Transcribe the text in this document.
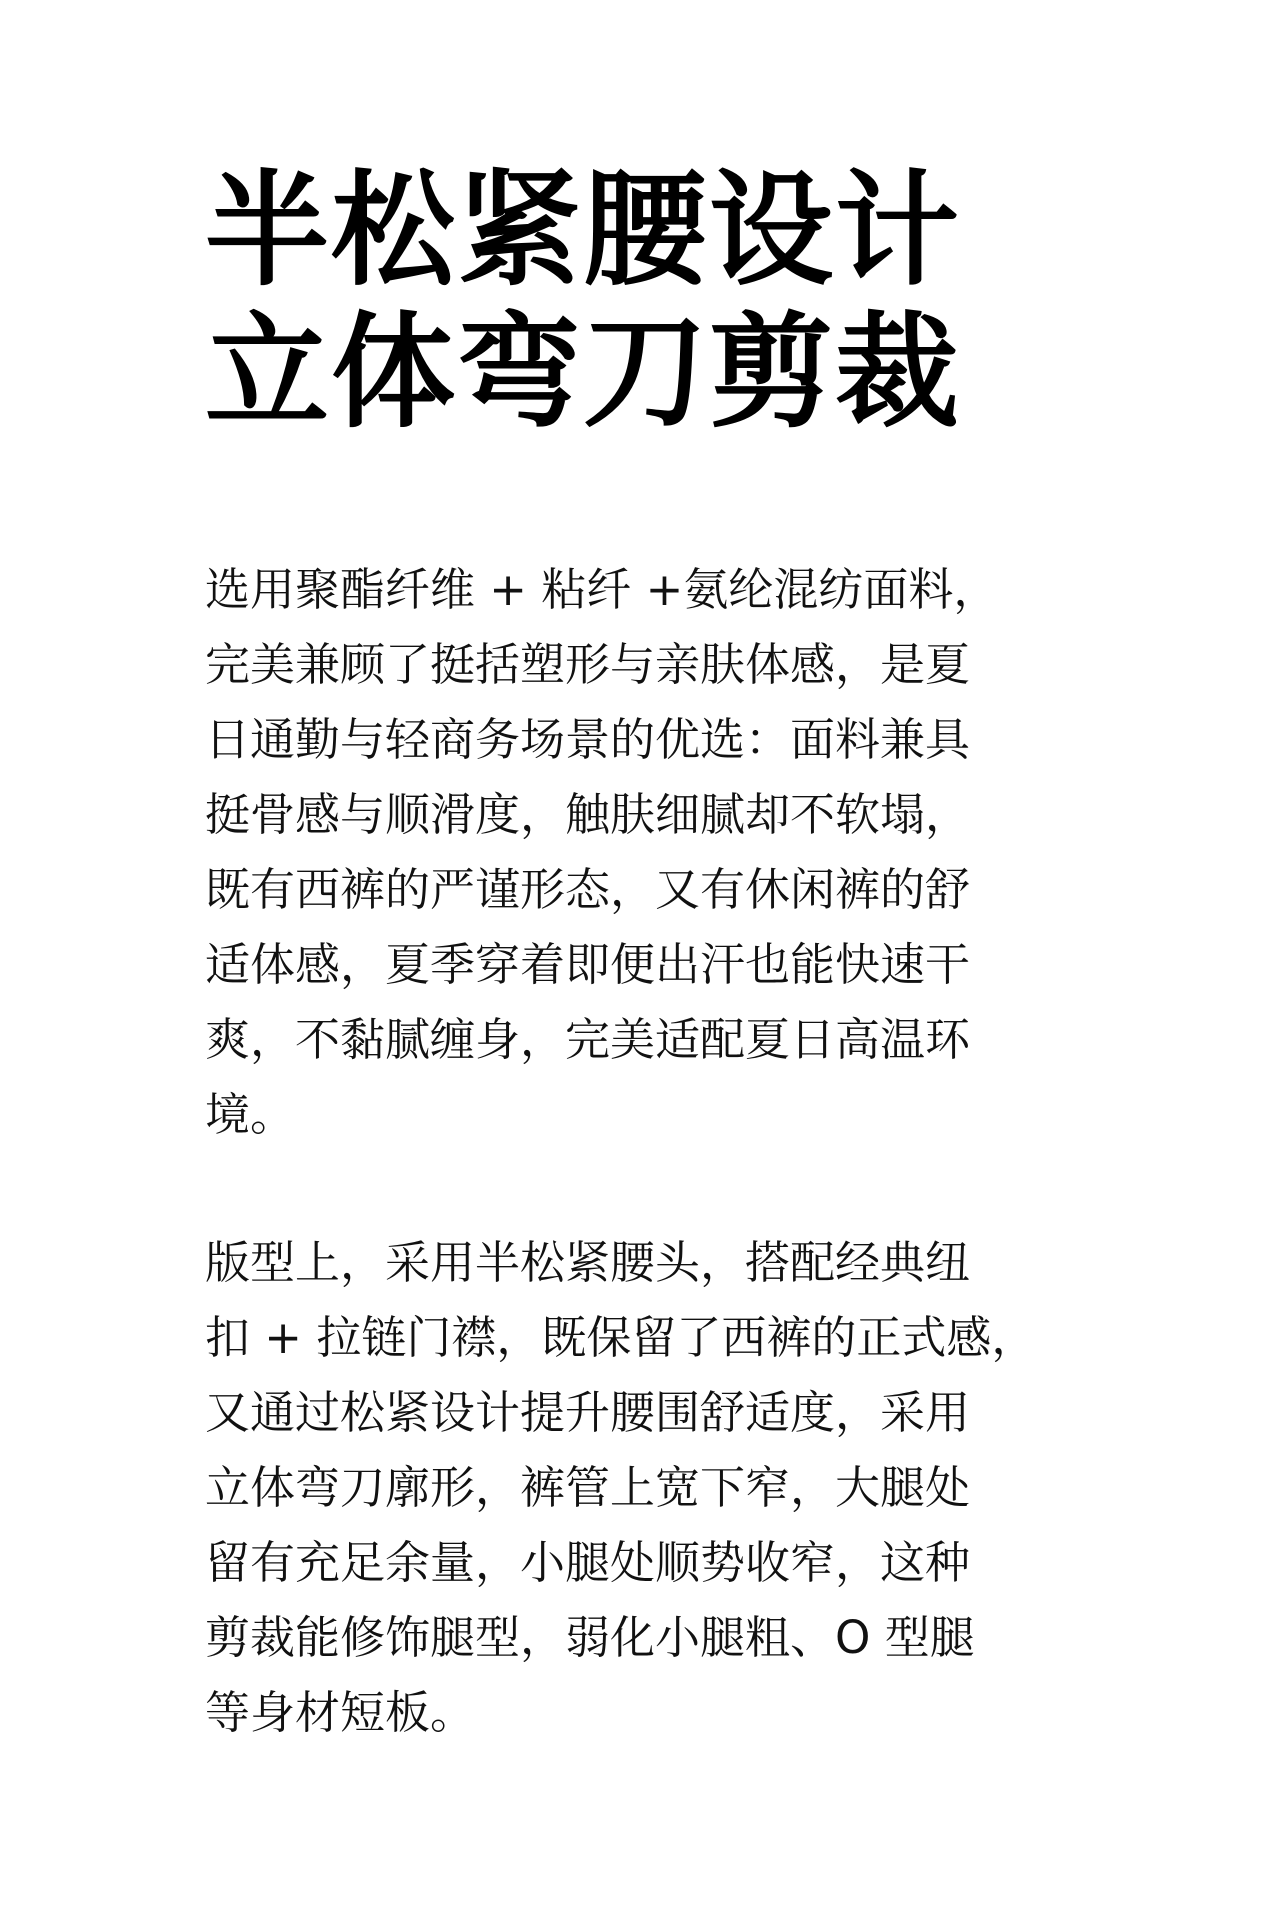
半松紧腰设计
立体弯刀剪裁

选用聚酯纤维 + 粘纤 +氨纶混纺面料，
完美兼顾了挺括塑形与亲肤体感，是夏
日通勤与轻商务场景的优选：面料兼具
挺骨感与顺滑度，触肤细腻却不软塌，
既有西裤的严谨形态，又有休闲裤的舒
适体感，夏季穿着即便出汗也能快速干
爽，不黏腻缠身，完美适配夏日高温环
境。

版型上，采用半松紧腰头，搭配经典纽
扣 + 拉链门襟，既保留了西裤的正式感，
又通过松紧设计提升腰围舒适度，采用
立体弯刀廓形，裤管上宽下窄，大腿处
留有充足余量，小腿处顺势收窄，这种
剪裁能修饰腿型，弱化小腿粗、O 型腿
等身材短板。
